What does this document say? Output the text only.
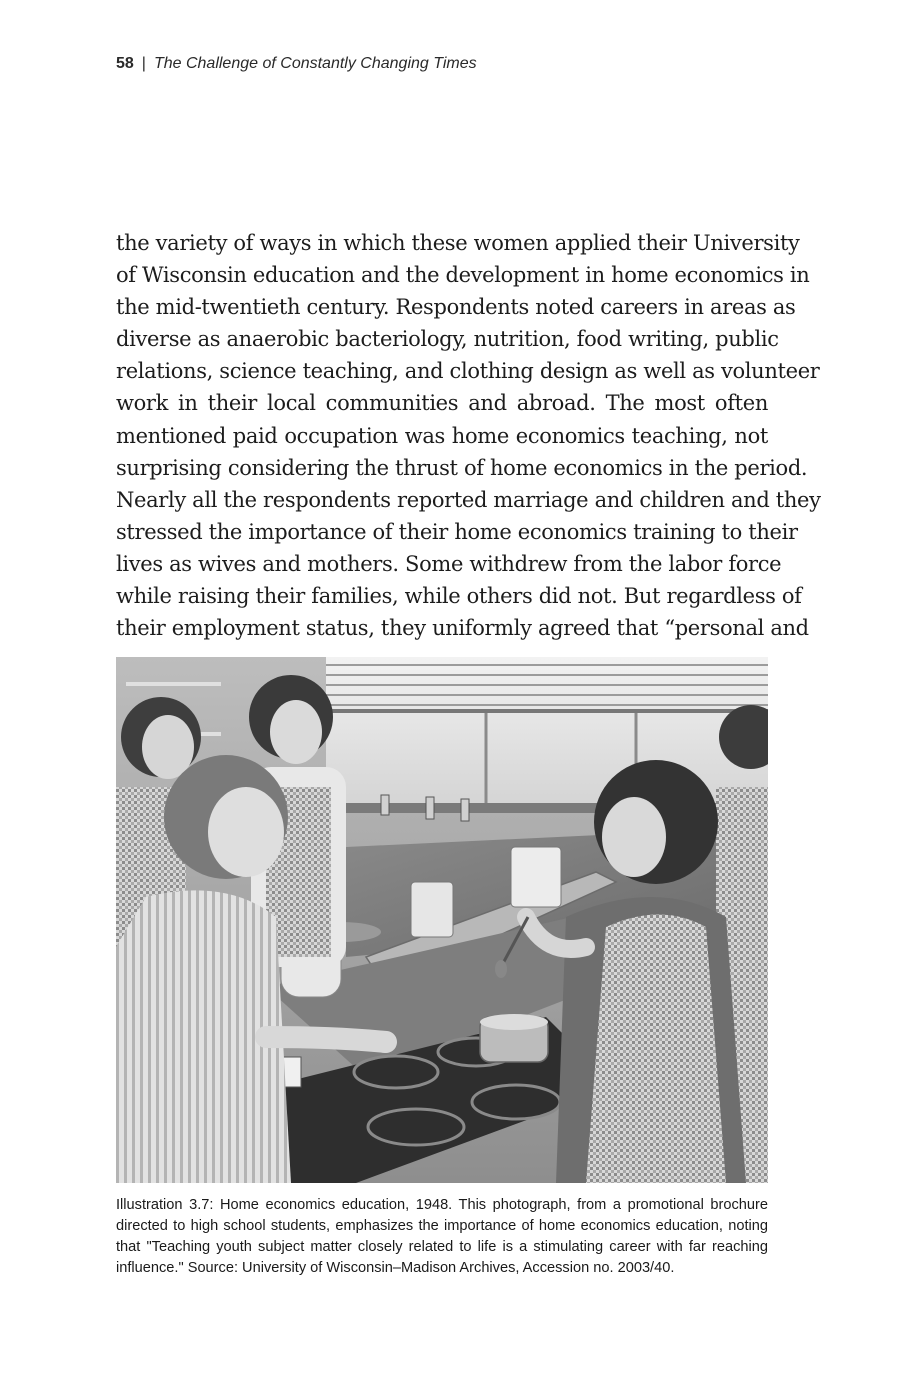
58 | The Challenge of Constantly Changing Times
the variety of ways in which these women applied their University
of Wisconsin education and the development in home economics in
the mid-twentieth century. Respondents noted careers in areas as
diverse as anaerobic bacteriology, nutrition, food writing, public
relations, science teaching, and clothing design as well as volunteer
work in their local communities and abroad. The most often
mentioned paid occupation was home economics teaching, not
surprising considering the thrust of home economics in the period.
Nearly all the respondents reported marriage and children and they
stressed the importance of their home economics training to their
lives as wives and mothers. Some withdrew from the labor force
while raising their families, while others did not. But regardless of
their employment status, they uniformly agreed that “personal and
Illustration 3.7: Home economics education, 1948. This photograph, from a promotional brochure
directed to high school students, emphasizes the importance of home economics education, noting
that "Teaching youth subject matter closely related to life is a stimulating career with far reaching
influence." Source: University of Wisconsin–Madison Archives, Accession no. 2003/40.
